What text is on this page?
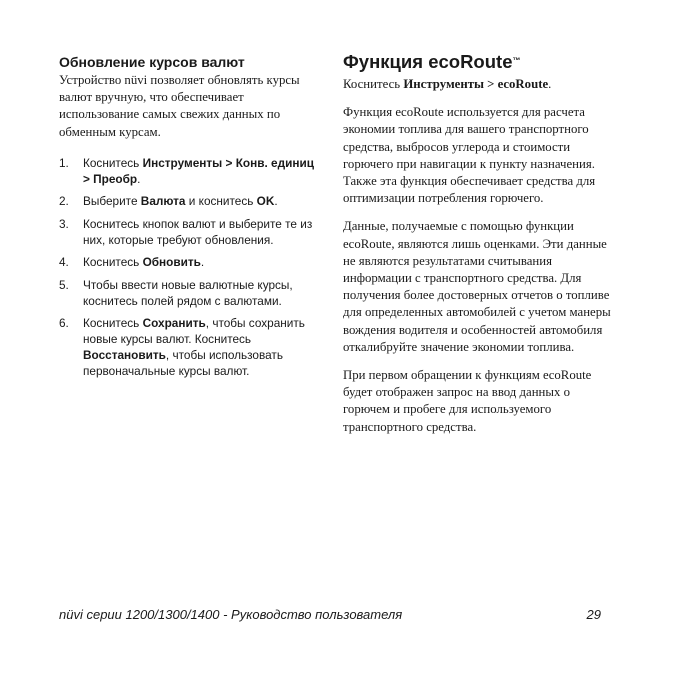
Обновление курсов валют

Устройство nüvi позволяет обновлять курсы валют вручную, что обеспечивает использование самых свежих данных по обменным курсам.

1. Коснитесь Инструменты > Конв. единиц > Преобр.
2. Выберите Валюта и коснитесь OK.
3. Коснитесь кнопок валют и выберите те из них, которые требуют обновления.
4. Коснитесь Обновить.
5. Чтобы ввести новые валютные курсы, коснитесь полей рядом с валютами.
6. Коснитесь Сохранить, чтобы сохранить новые курсы валют. Коснитесь Восстановить, чтобы использовать первоначальные курсы валют.
Функция ecoRoute™

Коснитесь Инструменты > ecoRoute.

Функция ecoRoute используется для расчета экономии топлива для вашего транспортного средства, выбросов углерода и стоимости горючего при навигации к пункту назначения. Также эта функция обеспечивает средства для оптимизации потребления горючего.

Данные, получаемые с помощью функции ecoRoute, являются лишь оценками. Эти данные не являются результатами считывания информации с транспортного средства. Для получения более достоверных отчетов о топливе для определенных автомобилей с учетом манеры вождения водителя и особенностей автомобиля откалибруйте значение экономии топлива.

При первом обращении к функциям ecoRoute будет отображен запрос на ввод данных о горючем и пробеге для используемого транспортного средства.

nüvi серии 1200/1300/1400 - Руководство пользователя	29
